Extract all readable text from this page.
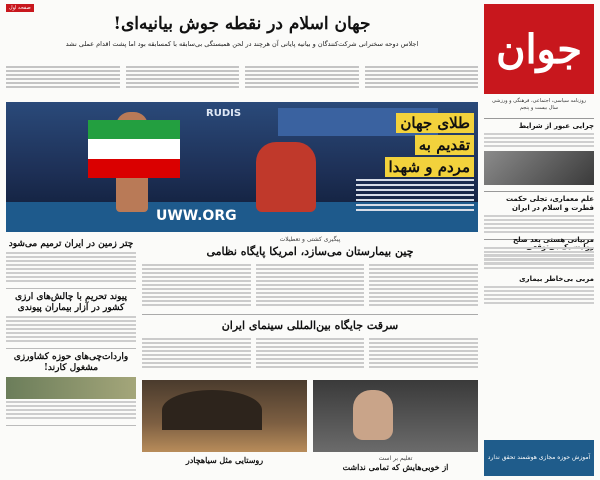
جوان
روزنامه سیاسی، اجتماعی، فرهنگی و ورزشی
سال بیست و پنجم
چرایی عبور از شرایط
علم معماری، تجلی حکمت فطرت و اسلام در ایران
آموزش حوزه مجازی هوشمند تحقق ندارد
صفحه اول
جهان اسلام در نقطه جوش بیانیه‌ای!
اجلاس دوحه سخنرانی شرکت‌کنندگان و بیانیه پایانی آن هرچند در لحن همبستگی بی‌سابقه با کمسابقه بود اما پشت اقدام عملی نشد
RUDIS
UWW.ORG
طلای جهان
تقدیم به
مردم و شهدا
چتر زمین در ایران ترمیم می‌شود
پیوند تحریم با چالش‌های ارزی کشور در آزار بیماران پیوندی
واردات‌چی‌های حوزه کشاورزی مشغول کارند!
پیگیری کشتی و تعطیلات
چین بیمارستان می‌سازد، امریکا پایگاه نظامی
سرقت جایگاه بین‌المللی سینمای ایران
تعلیم بر است
از خوبی‌هایش که تمامی نداشت
روستایی مثل سیاهچادر
مربیانی هستی بعد صلح
مربی بی‌خاطر بیماری
